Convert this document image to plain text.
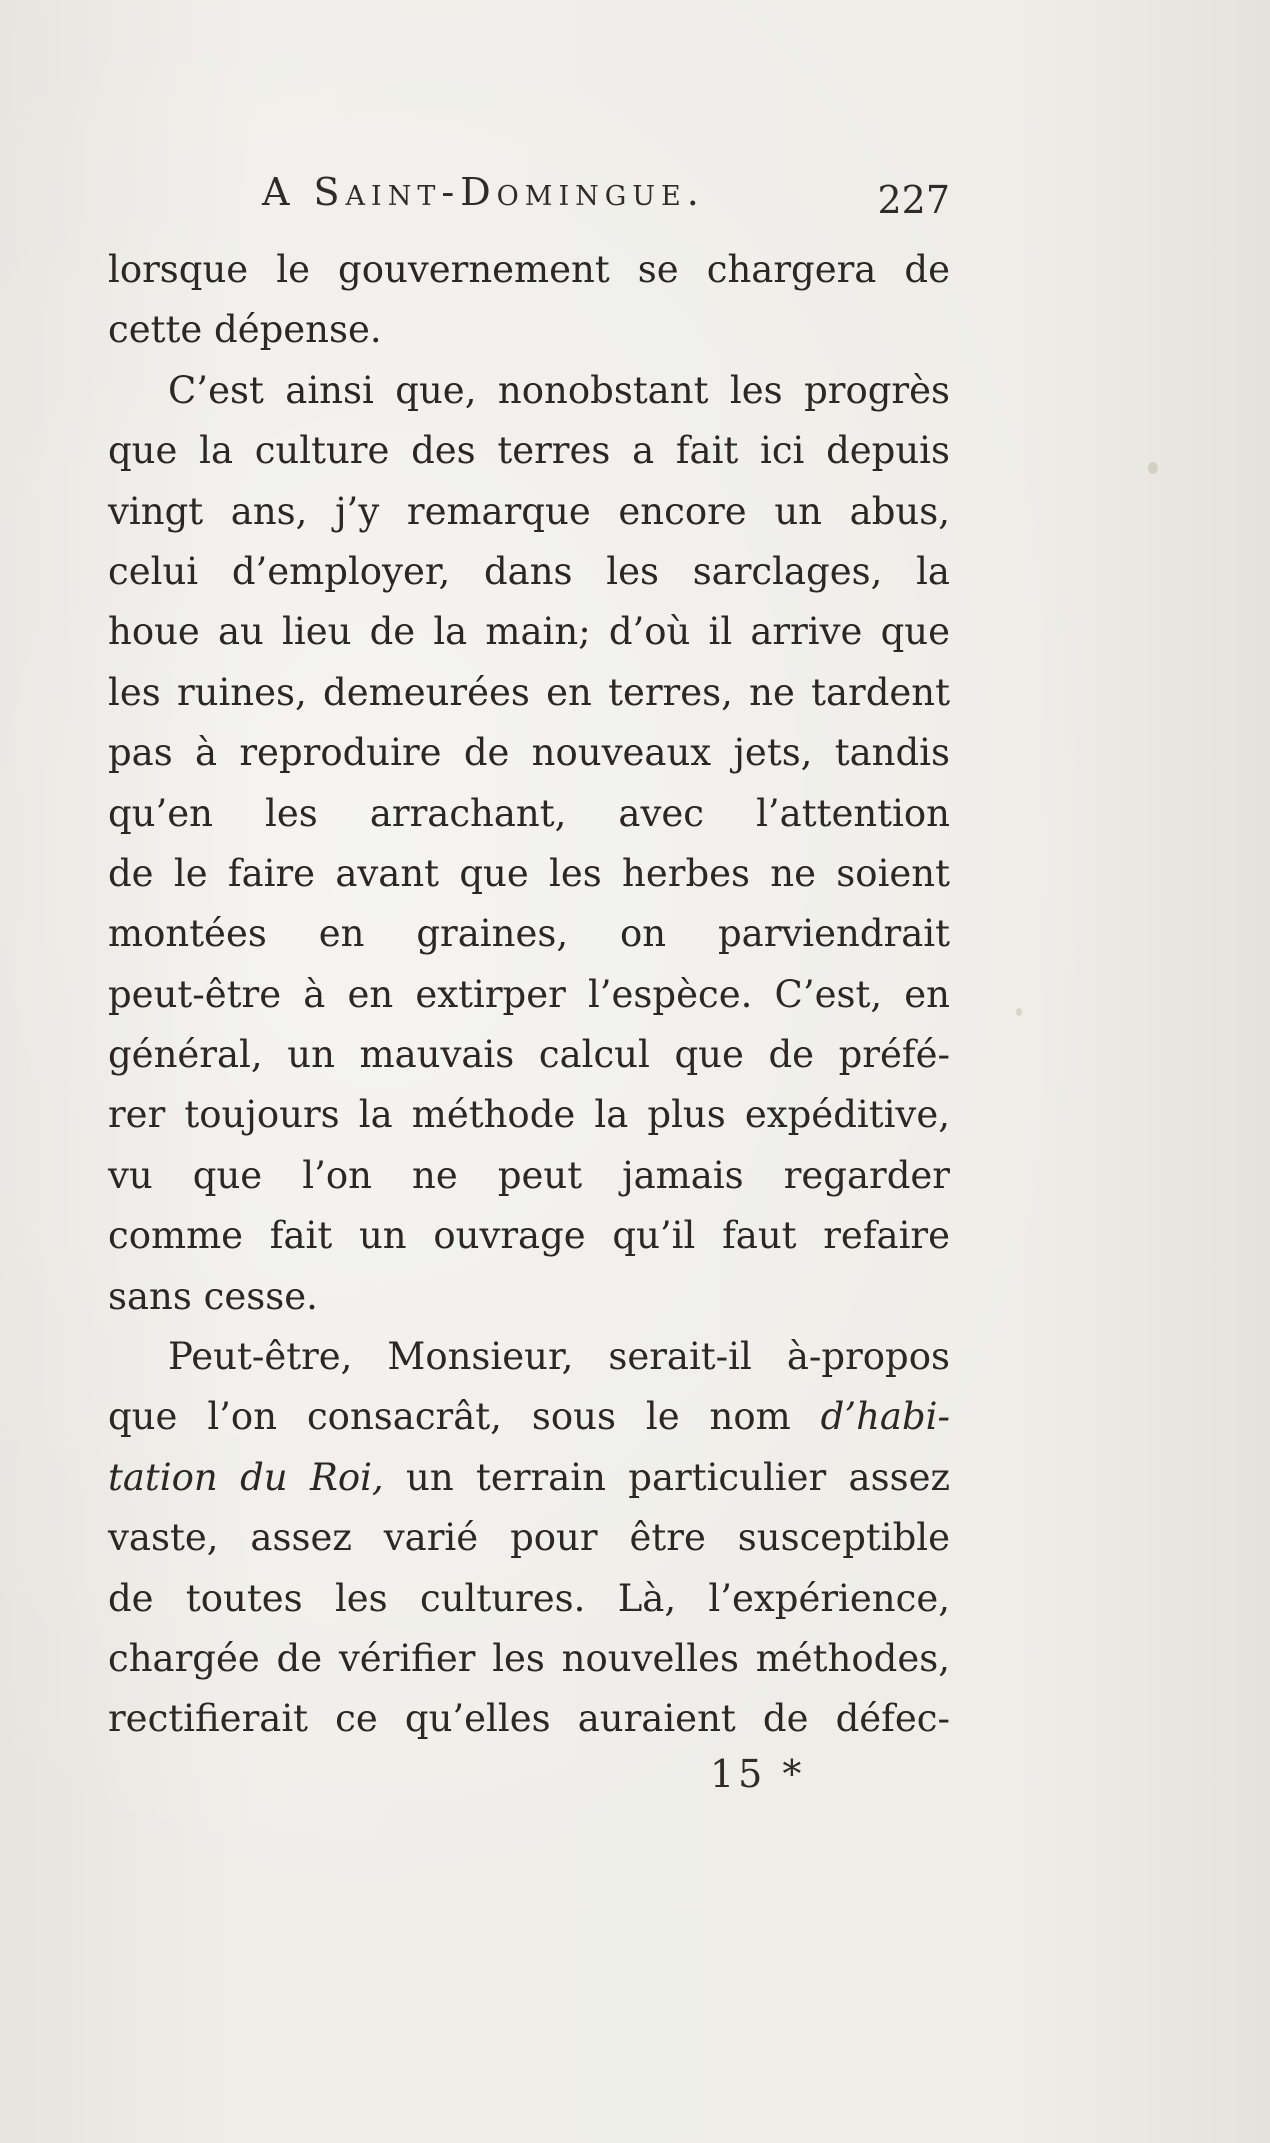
A Saint-Domingue.	227
lorsque le gouvernement se chargera de
cette dépense.
C’est ainsi que, nonobstant les progrès
que la culture des terres a fait ici depuis
vingt ans, j’y remarque encore un abus,
celui d’employer, dans les sarclages, la
houe au lieu de la main; d’où il arrive que
les ruines, demeurées en terres, ne tardent
pas à reproduire de nouveaux jets, tandis
qu’en les arrachant, avec l’attention
de le faire avant que les herbes ne soient
montées en graines, on parviendrait
peut-être à en extirper l’espèce. C’est, en
général, un mauvais calcul que de préfé-
rer toujours la méthode la plus expéditive,
vu que l’on ne peut jamais regarder
comme fait un ouvrage qu’il faut refaire
sans cesse.
Peut-être, Monsieur, serait-il à-propos
que l’on consacrât, sous le nom d’habi-
tation du Roi, un terrain particulier assez
vaste, assez varié pour être susceptible
de toutes les cultures. Là, l’expérience,
chargée de vérifier les nouvelles méthodes,
rectifierait ce qu’elles auraient de défec-
15 *
